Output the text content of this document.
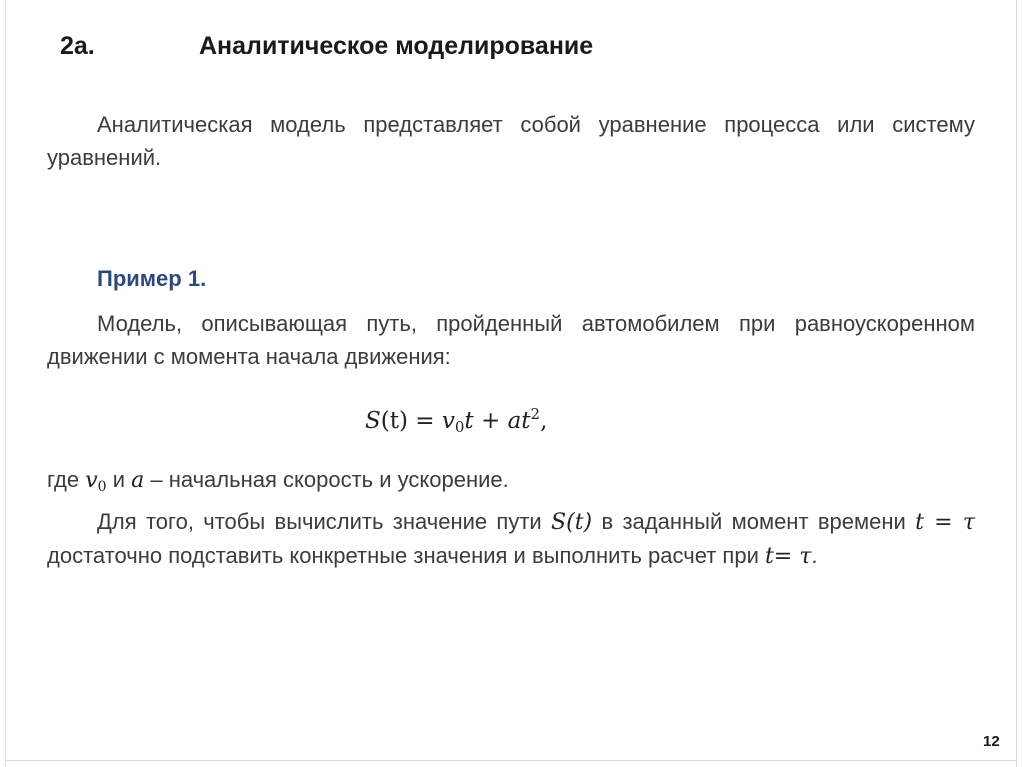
2a.	Аналитическое моделирование
Аналитическая модель представляет собой уравнение процесса или систему уравнений.
Пример 1.
Модель, описывающая путь, пройденный автомобилем при равноускоренном движении с момента начала движения:
$S(t) = v_0t + at^2$,
где $v_0$ и a – начальная скорость и ускорение.
Для того, чтобы вычислить значение пути S(t) в заданный момент времени t = τ достаточно подставить конкретные значения и выполнить расчет при t= τ.
12
